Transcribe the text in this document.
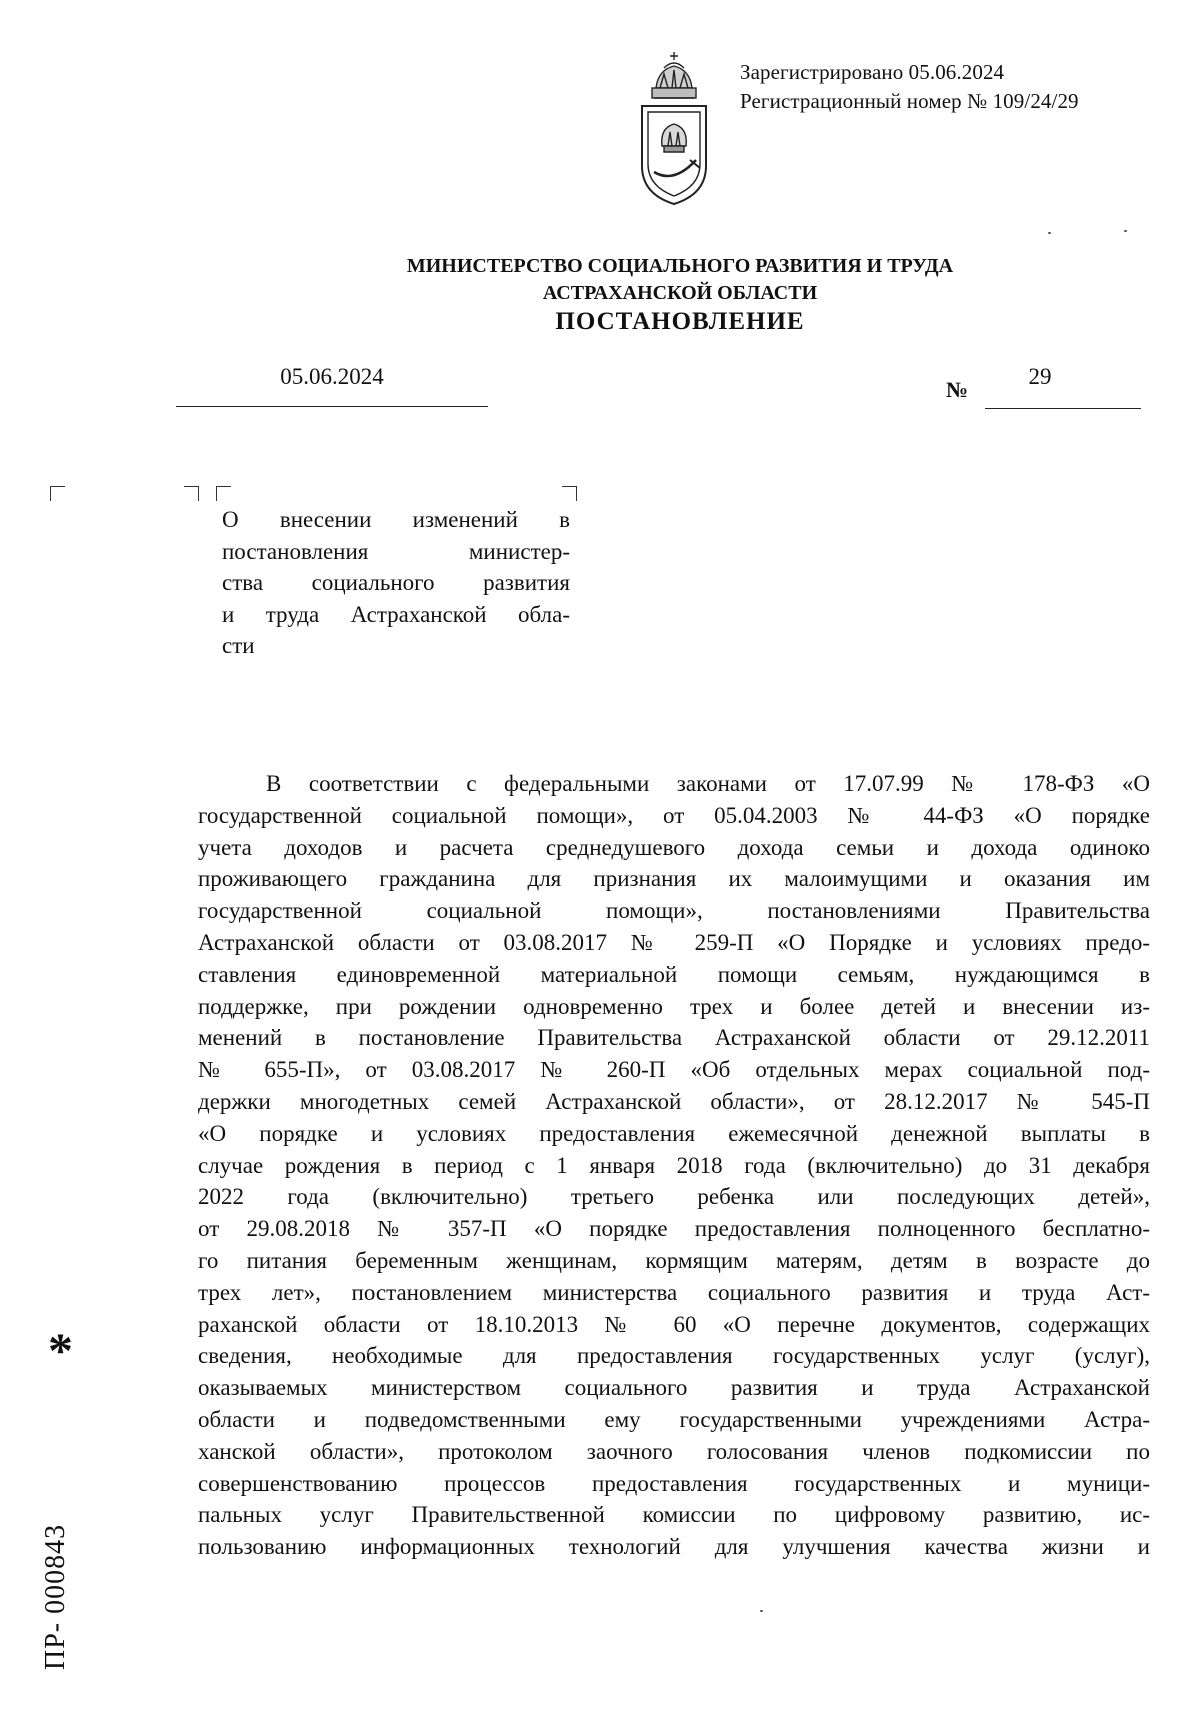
Зарегистрировано 05.06.2024
Регистрационный номер № 109/24/29
МИНИСТЕРСТВО СОЦИАЛЬНОГО РАЗВИТИЯ И ТРУДА
АСТРАХАНСКОЙ ОБЛАСТИ
ПОСТАНОВЛЕНИЕ
05.06.2024
№
29
О внесении изменений в
постановления министер-
ства социального развития
и труда Астраханской обла-
сти
В соответствии с федеральными законами от 17.07.99 № 178-ФЗ «О
государственной социальной помощи», от 05.04.2003 № 44-ФЗ «О порядке
учета доходов и расчета среднедушевого дохода семьи и дохода одиноко
проживающего гражданина для признания их малоимущими и оказания им
государственной социальной помощи», постановлениями Правительства
Астраханской области от 03.08.2017 № 259-П «О Порядке и условиях предо-
ставления единовременной материальной помощи семьям, нуждающимся в
поддержке, при рождении одновременно трех и более детей и внесении из-
менений в постановление Правительства Астраханской области от 29.12.2011
№ 655-П», от 03.08.2017 № 260-П «Об отдельных мерах социальной под-
держки многодетных семей Астраханской области», от 28.12.2017 № 545-П
«О порядке и условиях предоставления ежемесячной денежной выплаты в
случае рождения в период с 1 января 2018 года (включительно) до 31 декабря
2022 года (включительно) третьего ребенка или последующих детей»,
от 29.08.2018 № 357-П «О порядке предоставления полноценного бесплатно-
го питания беременным женщинам, кормящим матерям, детям в возрасте до
трех лет», постановлением министерства социального развития и труда Аст-
раханской области от 18.10.2013 № 60 «О перечне документов, содержащих
сведения, необходимые для предоставления государственных услуг (услуг),
оказываемых министерством социального развития и труда Астраханской
области и подведомственными ему государственными учреждениями Астра-
ханской области», протоколом заочного голосования членов подкомиссии по
совершенствованию процессов предоставления государственных и муници-
пальных услуг Правительственной комиссии по цифровому развитию, ис-
пользованию информационных технологий для улучшения качества жизни и
*
ПР- 000843
